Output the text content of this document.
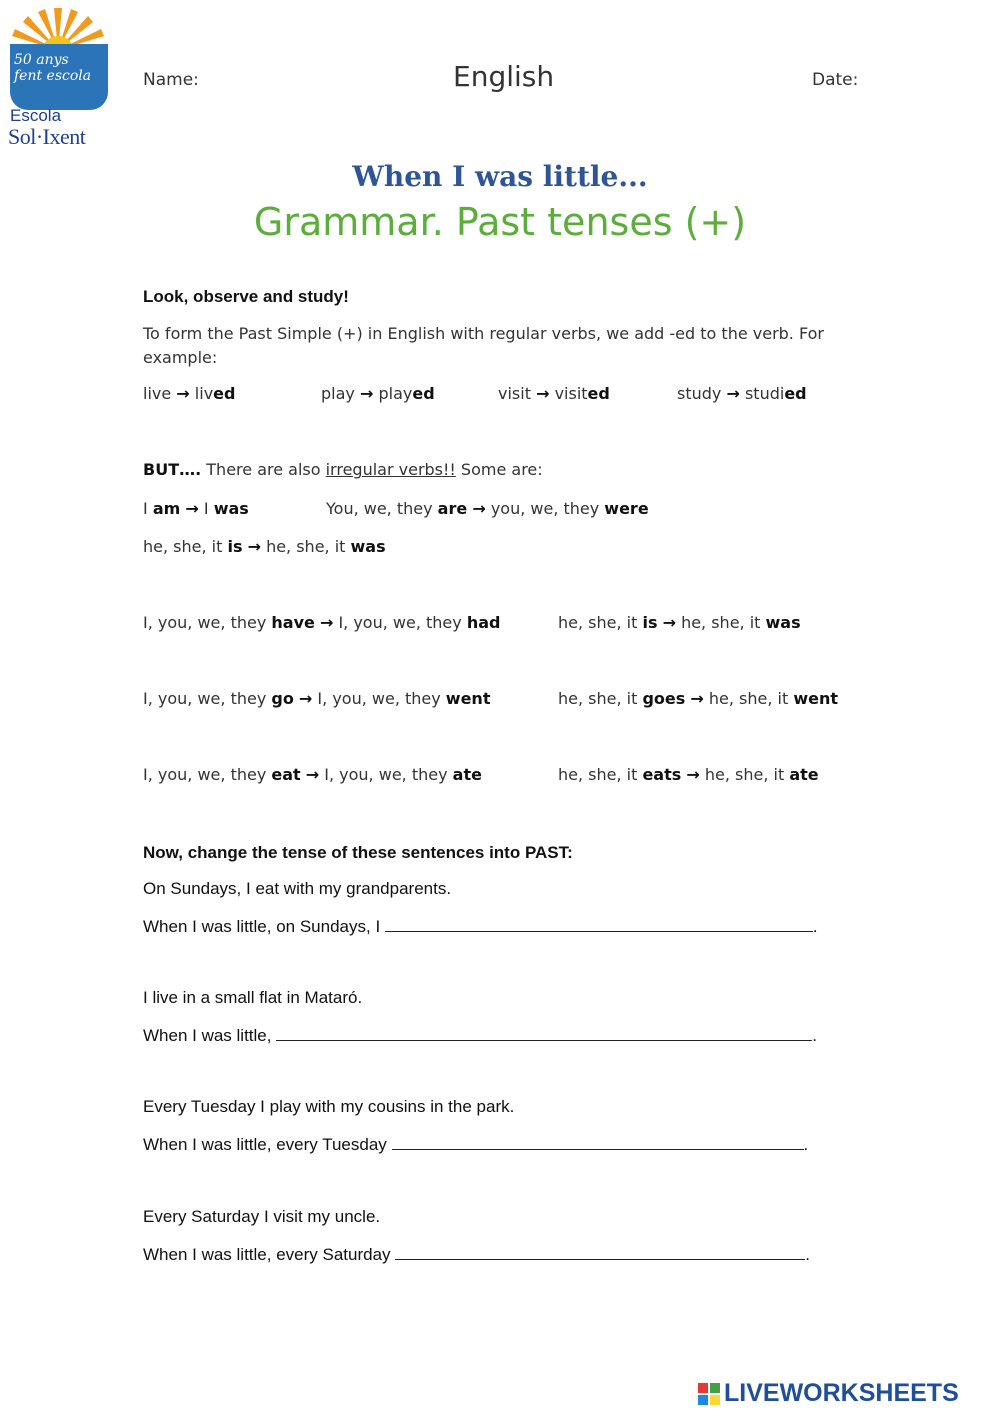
50 anys
fent escola
Escola
Sol·Ixent
Name:	English	Date:
When I was little...
Grammar. Past tenses (+)
Look, observe and study!
To form the Past Simple (+) in English with regular verbs, we add -ed to the verb. For example:
live → lived	play → played	visit → visited	study → studied
BUT…. There are also irregular verbs!! Some are:
I am → I was	You, we, they are → you, we, they were
he, she, it is → he, she, it was
I, you, we, they have → I, you, we, they had	he, she, it is → he, she, it was
I, you, we, they go → I, you, we, they went	he, she, it goes → he, she, it went
I, you, we, they eat → I, you, we, they ate	he, she, it eats → he, she, it ate
Now, change the tense of these sentences into PAST:
On Sundays, I eat with my grandparents.
When I was little, on Sundays, I	.
I live in a small flat in Mataró.
When I was little,	.
Every Tuesday I play with my cousins in the park.
When I was little, every Tuesday	.
Every Saturday I visit my uncle.
When I was little, every Saturday	.
LIVEWORKSHEETS
